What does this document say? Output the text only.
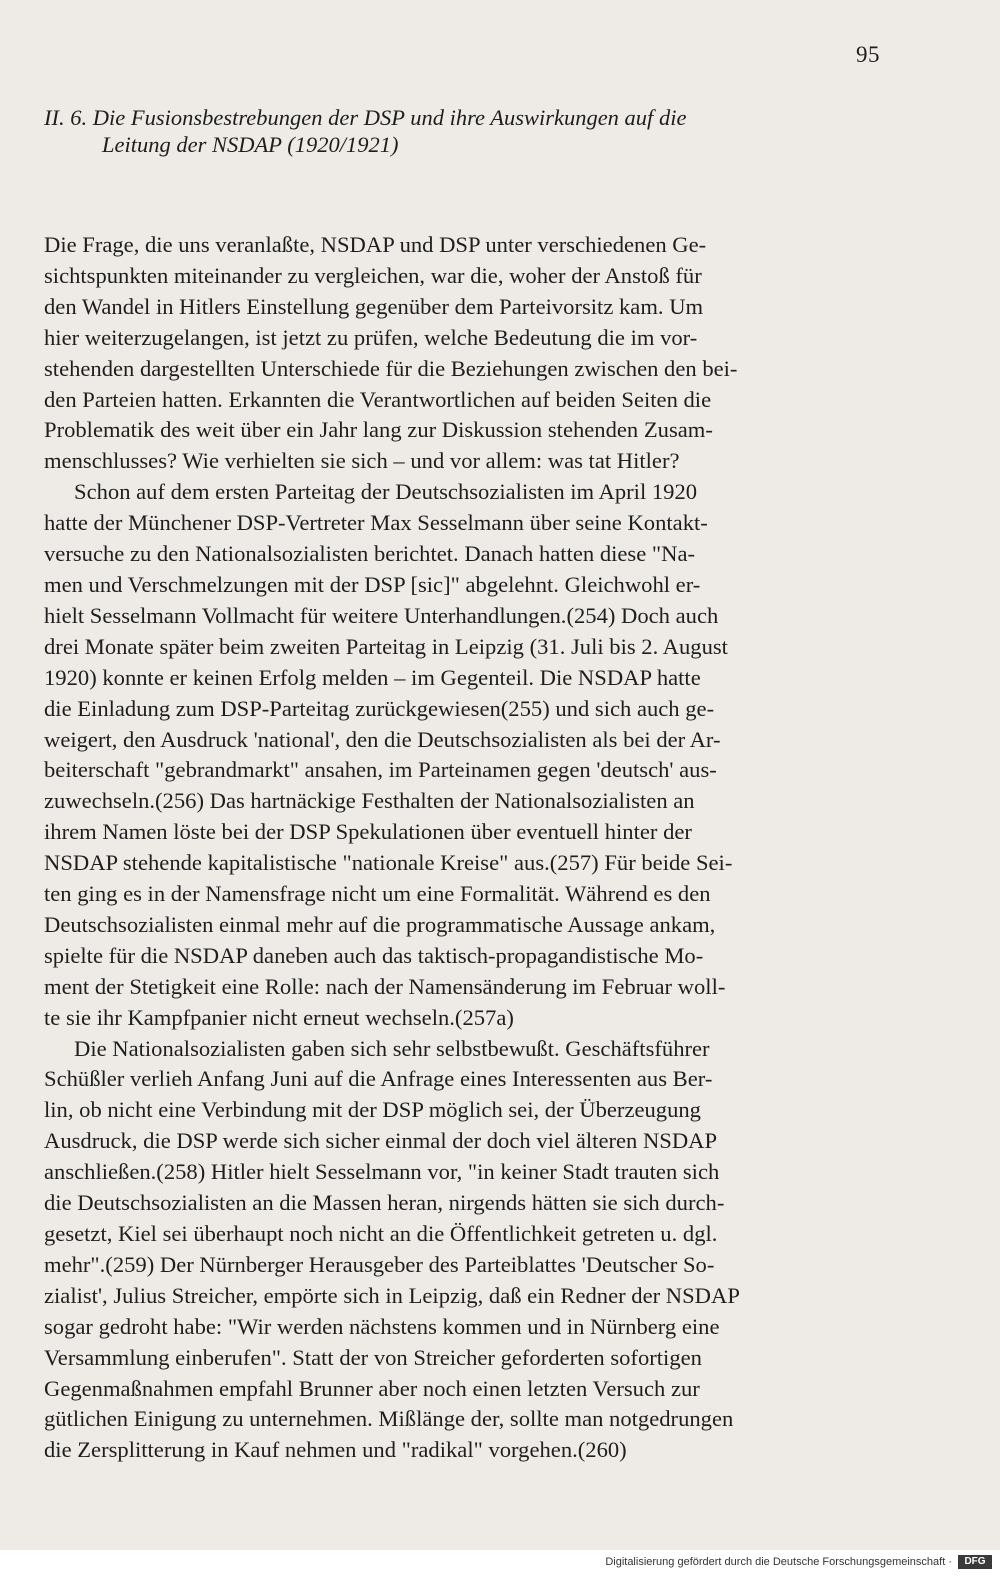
95
II. 6. Die Fusionsbestrebungen der DSP und ihre Auswirkungen auf die
Leitung der NSDAP (1920/1921)
Die Frage, die uns veranlaßte, NSDAP und DSP unter verschiedenen Ge-
sichtspunkten miteinander zu vergleichen, war die, woher der Anstoß für
den Wandel in Hitlers Einstellung gegenüber dem Parteivorsitz kam. Um
hier weiterzugelangen, ist jetzt zu prüfen, welche Bedeutung die im vor-
stehenden dargestellten Unterschiede für die Beziehungen zwischen den bei-
den Parteien hatten. Erkannten die Verantwortlichen auf beiden Seiten die
Problematik des weit über ein Jahr lang zur Diskussion stehenden Zusam-
menschlusses? Wie verhielten sie sich – und vor allem: was tat Hitler?
Schon auf dem ersten Parteitag der Deutschsozialisten im April 1920
hatte der Münchener DSP-Vertreter Max Sesselmann über seine Kontakt-
versuche zu den Nationalsozialisten berichtet. Danach hatten diese "Na-
men und Verschmelzungen mit der DSP [sic]" abgelehnt. Gleichwohl er-
hielt Sesselmann Vollmacht für weitere Unterhandlungen.(254) Doch auch
drei Monate später beim zweiten Parteitag in Leipzig (31. Juli bis 2. August
1920) konnte er keinen Erfolg melden – im Gegenteil. Die NSDAP hatte
die Einladung zum DSP-Parteitag zurückgewiesen(255) und sich auch ge-
weigert, den Ausdruck 'national', den die Deutschsozialisten als bei der Ar-
beiterschaft "gebrandmarkt" ansahen, im Parteinamen gegen 'deutsch' aus-
zuwechseln.(256) Das hartnäckige Festhalten der Nationalsozialisten an
ihrem Namen löste bei der DSP Spekulationen über eventuell hinter der
NSDAP stehende kapitalistische "nationale Kreise" aus.(257) Für beide Sei-
ten ging es in der Namensfrage nicht um eine Formalität. Während es den
Deutschsozialisten einmal mehr auf die programmatische Aussage ankam,
spielte für die NSDAP daneben auch das taktisch-propagandistische Mo-
ment der Stetigkeit eine Rolle: nach der Namensänderung im Februar woll-
te sie ihr Kampfpanier nicht erneut wechseln.(257a)
Die Nationalsozialisten gaben sich sehr selbstbewußt. Geschäftsführer
Schüßler verlieh Anfang Juni auf die Anfrage eines Interessenten aus Ber-
lin, ob nicht eine Verbindung mit der DSP möglich sei, der Überzeugung
Ausdruck, die DSP werde sich sicher einmal der doch viel älteren NSDAP
anschließen.(258) Hitler hielt Sesselmann vor, "in keiner Stadt trauten sich
die Deutschsozialisten an die Massen heran, nirgends hätten sie sich durch-
gesetzt, Kiel sei überhaupt noch nicht an die Öffentlichkeit getreten u. dgl.
mehr".(259) Der Nürnberger Herausgeber des Parteiblattes 'Deutscher So-
zialist', Julius Streicher, empörte sich in Leipzig, daß ein Redner der NSDAP
sogar gedroht habe: "Wir werden nächstens kommen und in Nürnberg eine
Versammlung einberufen". Statt der von Streicher geforderten sofortigen
Gegenmaßnahmen empfahl Brunner aber noch einen letzten Versuch zur
gütlichen Einigung zu unternehmen. Mißlänge der, sollte man notgedrungen
die Zersplitterung in Kauf nehmen und "radikal" vorgehen.(260)
Digitalisierung gefördert durch die Deutsche Forschungsgemeinschaft ·	DFG
